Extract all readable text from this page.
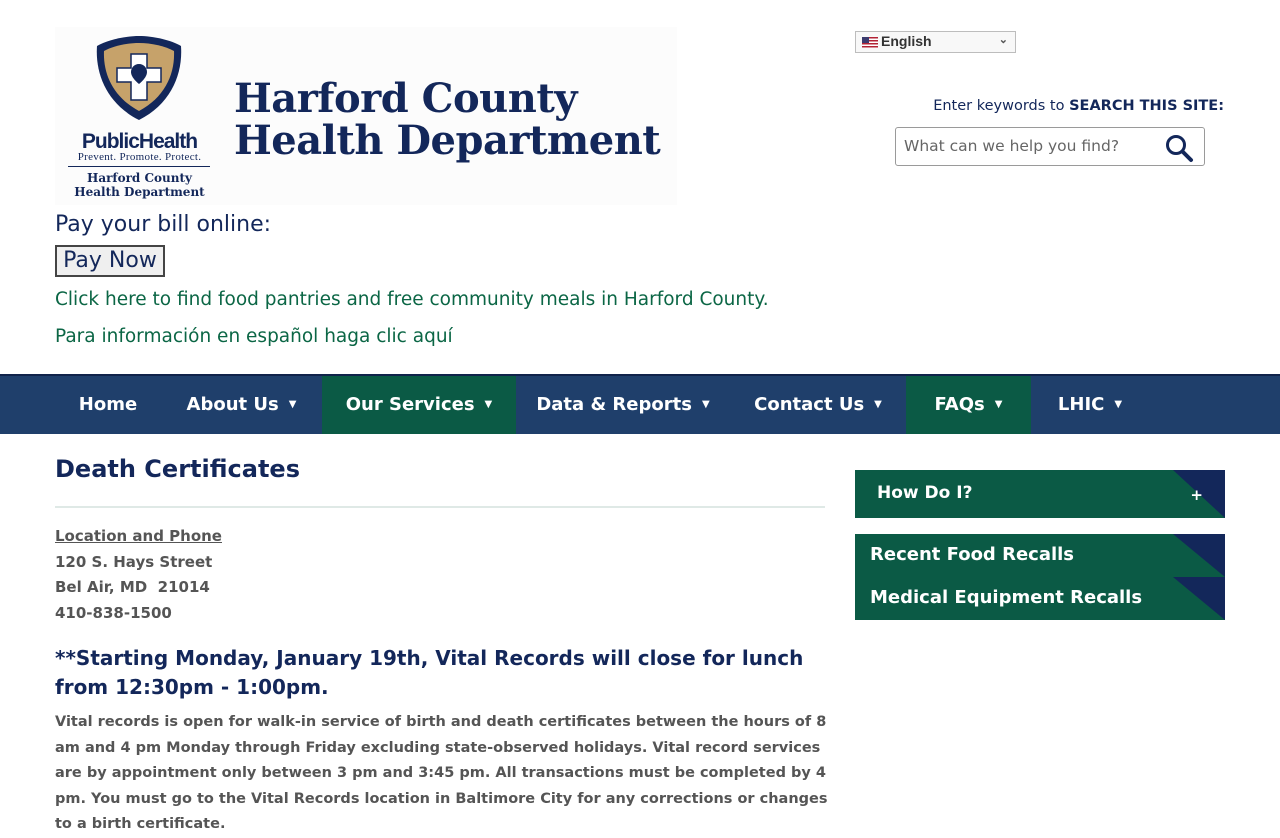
PublicHealth
Prevent. Promote. Protect.
Harford County
Health Department
Harford County
Health Department
English	⌄
Enter keywords to SEARCH THIS SITE:
What can we help you find?
Pay your bill online:
Pay Now
Click here to find food pantries and free community meals in Harford County.
Para información en español haga clic aquí
Home	About Us ▼	Our Services ▼	Data & Reports ▼	Contact Us ▼	FAQs ▼	LHIC ▼
Death Certificates
Location and Phone
120 S. Hays Street
Bel Air, MD  21014
410-838-1500
**Starting Monday, January 19th, Vital Records will close for lunch from 12:30pm - 1:00pm.
Vital records is open for walk-in service of birth and death certificates between the hours of 8 am and 4 pm Monday through Friday excluding state-observed holidays. Vital record services are by appointment only between 3 pm and 3:45 pm. All transactions must be completed by 4 pm. You must go to the Vital Records location in Baltimore City for any corrections or changes to a birth certificate.
How Do I?	+
Recent Food Recalls
Medical Equipment Recalls
